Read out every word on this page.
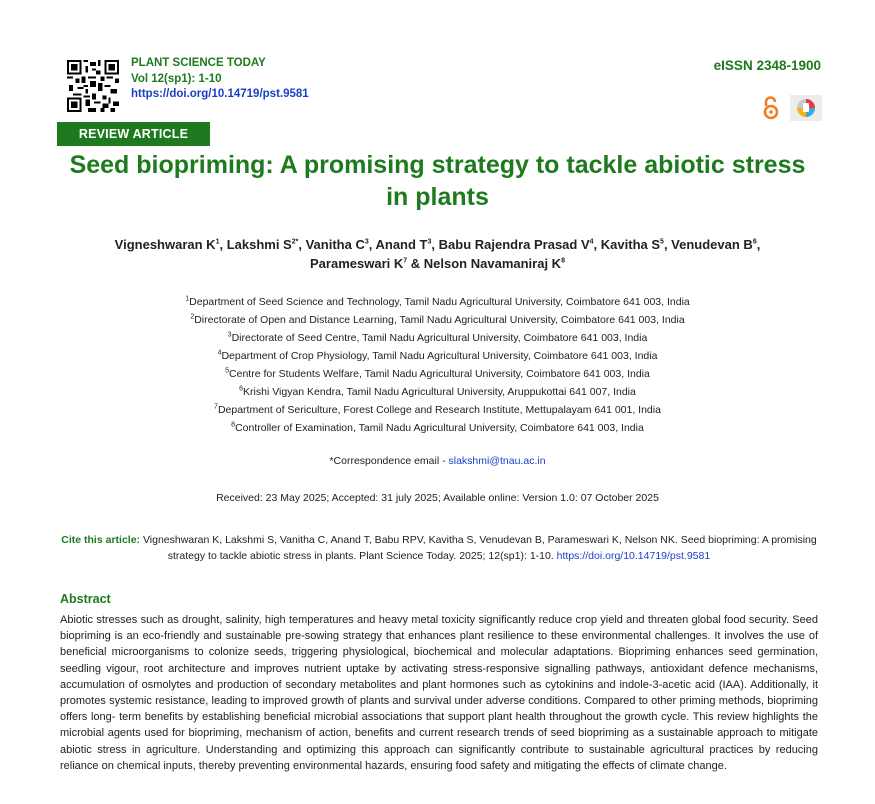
PLANT SCIENCE TODAY
Vol 12(sp1): 1-10
https://doi.org/10.14719/pst.9581
eISSN 2348-1900
REVIEW ARTICLE
Seed biopriming: A promising strategy to tackle abiotic stress
in plants
Vigneshwaran $K^1$, Lakshmi $S^{2*}$, Vanitha $C^3$, Anand $T^3$, Babu Rajendra Prasad $V^4$, Kavitha $S^5$, Venudevan $B^6$,
Parameswari $K^7$ & Nelson Navamaniraj $K^8$
$^1$Department of Seed Science and Technology, Tamil Nadu Agricultural University, Coimbatore 641 003, India
$^2$Directorate of Open and Distance Learning, Tamil Nadu Agricultural University, Coimbatore 641 003, India
$^3$Directorate of Seed Centre, Tamil Nadu Agricultural University, Coimbatore 641 003, India
$^4$Department of Crop Physiology, Tamil Nadu Agricultural University, Coimbatore 641 003, India
$^5$Centre for Students Welfare, Tamil Nadu Agricultural University, Coimbatore 641 003, India
$^6$Krishi Vigyan Kendra, Tamil Nadu Agricultural University, Aruppukottai 641 007, India
$^7$Department of Sericulture, Forest College and Research Institute, Mettupalayam 641 001, India
$^8$Controller of Examination, Tamil Nadu Agricultural University, Coimbatore 641 003, India
*Correspondence email - slakshmi@tnau.ac.in
Received: 23 May 2025; Accepted: 31 july 2025; Available online: Version 1.0: 07 October 2025
Cite this article: Vigneshwaran K, Lakshmi S, Vanitha C, Anand T, Babu RPV, Kavitha S, Venudevan B, Parameswari K, Nelson NK. Seed biopriming: A promising strategy to tackle abiotic stress in plants. Plant Science Today. 2025; 12(sp1): 1-10. https://doi.org/10.14719/pst.9581
Abstract
Abiotic stresses such as drought, salinity, high temperatures and heavy metal toxicity significantly reduce crop yield and threaten global food security. Seed biopriming is an eco-friendly and sustainable pre-sowing strategy that enhances plant resilience to these environmental challenges. It involves the use of beneficial microorganisms to colonize seeds, triggering physiological, biochemical and molecular adaptations. Biopriming enhances seed germination, seedling vigour, root architecture and improves nutrient uptake by activating stress-responsive signalling pathways, antioxidant defence mechanisms, accumulation of osmolytes and production of secondary metabolites and plant hormones such as cytokinins and indole-3-acetic acid (IAA). Additionally, it promotes systemic resistance, leading to improved growth of plants and survival under adverse conditions. Compared to other priming methods, biopriming offers long- term benefits by establishing beneficial microbial associations that support plant health throughout the growth cycle. This review highlights the microbial agents used for biopriming, mechanism of action, benefits and current research trends of seed biopriming as a sustainable approach to mitigate abiotic stress in agriculture. Understanding and optimizing this approach can significantly contribute to sustainable agricultural practices by reducing reliance on chemical inputs, thereby preventing environmental hazards, ensuring food safety and mitigating the effects of climate change.
